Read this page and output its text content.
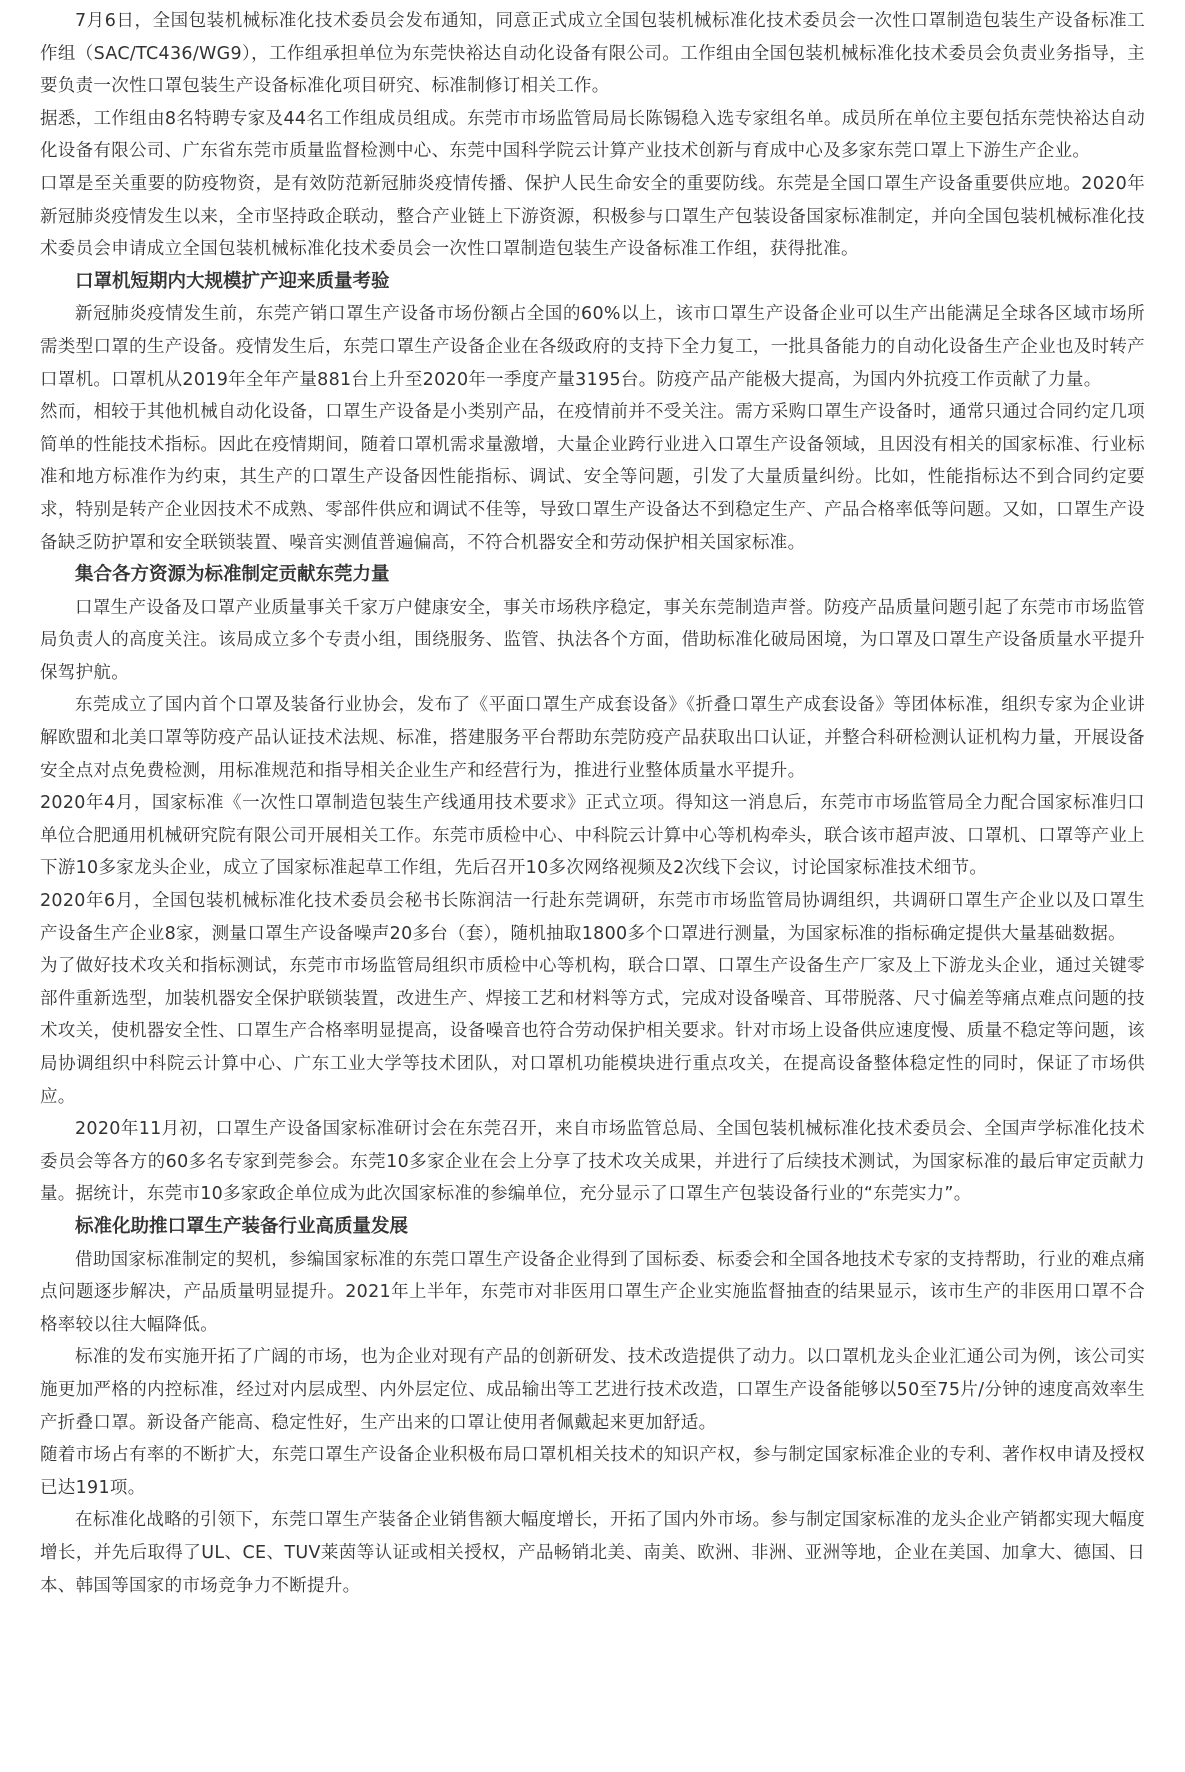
7月6日，全国包装机械标准化技术委员会发布通知，同意正式成立全国包装机械标准化技术委员会一次性口罩制造包装生产设备标准工作组（SAC/TC436/WG9），工作组承担单位为东莞快裕达自动化设备有限公司。工作组由全国包装机械标准化技术委员会负责业务指导，主要负责一次性口罩包装生产设备标准化项目研究、标准制修订相关工作。

据悉，工作组由8名特聘专家及44名工作组成员组成。东莞市市场监管局局长陈锡稳入选专家组名单。成员所在单位主要包括东莞快裕达自动化设备有限公司、广东省东莞市质量监督检测中心、东莞中国科学院云计算产业技术创新与育成中心及多家东莞口罩上下游生产企业。

口罩是至关重要的防疫物资，是有效防范新冠肺炎疫情传播、保护人民生命安全的重要防线。东莞是全国口罩生产设备重要供应地。2020年新冠肺炎疫情发生以来，全市坚持政企联动，整合产业链上下游资源，积极参与口罩生产包装设备国家标准制定，并向全国包装机械标准化技术委员会申请成立全国包装机械标准化技术委员会一次性口罩制造包装生产设备标准工作组，获得批准。

口罩机短期内大规模扩产迎来质量考验

新冠肺炎疫情发生前，东莞产销口罩生产设备市场份额占全国的60%以上，该市口罩生产设备企业可以生产出能满足全球各区域市场所需类型口罩的生产设备。疫情发生后，东莞口罩生产设备企业在各级政府的支持下全力复工，一批具备能力的自动化设备生产企业也及时转产口罩机。口罩机从2019年全年产量881台上升至2020年一季度产量3195台。防疫产品产能极大提高，为国内外抗疫工作贡献了力量。

然而，相较于其他机械自动化设备，口罩生产设备是小类别产品，在疫情前并不受关注。需方采购口罩生产设备时，通常只通过合同约定几项简单的性能技术指标。因此在疫情期间，随着口罩机需求量激增，大量企业跨行业进入口罩生产设备领域，且因没有相关的国家标准、行业标准和地方标准作为约束，其生产的口罩生产设备因性能指标、调试、安全等问题，引发了大量质量纠纷。比如，性能指标达不到合同约定要求，特别是转产企业因技术不成熟、零部件供应和调试不佳等，导致口罩生产设备达不到稳定生产、产品合格率低等问题。又如，口罩生产设备缺乏防护罩和安全联锁装置、噪音实测值普遍偏高，不符合机器安全和劳动保护相关国家标准。

集合各方资源为标准制定贡献东莞力量

口罩生产设备及口罩产业质量事关千家万户健康安全，事关市场秩序稳定，事关东莞制造声誉。防疫产品质量问题引起了东莞市市场监管局负责人的高度关注。该局成立多个专责小组，围绕服务、监管、执法各个方面，借助标准化破局困境，为口罩及口罩生产设备质量水平提升保驾护航。

东莞成立了国内首个口罩及装备行业协会，发布了《平面口罩生产成套设备》《折叠口罩生产成套设备》等团体标准，组织专家为企业讲解欧盟和北美口罩等防疫产品认证技术法规、标准，搭建服务平台帮助东莞防疫产品获取出口认证，并整合科研检测认证机构力量，开展设备安全点对点免费检测，用标准规范和指导相关企业生产和经营行为，推进行业整体质量水平提升。

2020年4月，国家标准《一次性口罩制造包装生产线通用技术要求》正式立项。得知这一消息后，东莞市市场监管局全力配合国家标准归口单位合肥通用机械研究院有限公司开展相关工作。东莞市质检中心、中科院云计算中心等机构牵头，联合该市超声波、口罩机、口罩等产业上下游10多家龙头企业，成立了国家标准起草工作组，先后召开10多次网络视频及2次线下会议，讨论国家标准技术细节。

2020年6月，全国包装机械标准化技术委员会秘书长陈润洁一行赴东莞调研，东莞市市场监管局协调组织，共调研口罩生产企业以及口罩生产设备生产企业8家，测量口罩生产设备噪声20多台（套），随机抽取1800多个口罩进行测量，为国家标准的指标确定提供大量基础数据。

为了做好技术攻关和指标测试，东莞市市场监管局组织市质检中心等机构，联合口罩、口罩生产设备生产厂家及上下游龙头企业，通过关键零部件重新选型，加装机器安全保护联锁装置，改进生产、焊接工艺和材料等方式，完成对设备噪音、耳带脱落、尺寸偏差等痛点难点问题的技术攻关，使机器安全性、口罩生产合格率明显提高，设备噪音也符合劳动保护相关要求。针对市场上设备供应速度慢、质量不稳定等问题，该局协调组织中科院云计算中心、广东工业大学等技术团队，对口罩机功能模块进行重点攻关，在提高设备整体稳定性的同时，保证了市场供应。

2020年11月初，口罩生产设备国家标准研讨会在东莞召开，来自市场监管总局、全国包装机械标准化技术委员会、全国声学标准化技术委员会等各方的60多名专家到莞参会。东莞10多家企业在会上分享了技术攻关成果，并进行了后续技术测试，为国家标准的最后审定贡献力量。据统计，东莞市10多家政企单位成为此次国家标准的参编单位，充分显示了口罩生产包装设备行业的“东莞实力”。

标准化助推口罩生产装备行业高质量发展

借助国家标准制定的契机，参编国家标准的东莞口罩生产设备企业得到了国标委、标委会和全国各地技术专家的支持帮助，行业的难点痛点问题逐步解决，产品质量明显提升。2021年上半年，东莞市对非医用口罩生产企业实施监督抽查的结果显示，该市生产的非医用口罩不合格率较以往大幅降低。

标准的发布实施开拓了广阔的市场，也为企业对现有产品的创新研发、技术改造提供了动力。以口罩机龙头企业汇通公司为例，该公司实施更加严格的内控标准，经过对内层成型、内外层定位、成品输出等工艺进行技术改造，口罩生产设备能够以50至75片/分钟的速度高效率生产折叠口罩。新设备产能高、稳定性好，生产出来的口罩让使用者佩戴起来更加舒适。

随着市场占有率的不断扩大，东莞口罩生产设备企业积极布局口罩机相关技术的知识产权，参与制定国家标准企业的专利、著作权申请及授权已达191项。

在标准化战略的引领下，东莞口罩生产装备企业销售额大幅度增长，开拓了国内外市场。参与制定国家标准的龙头企业产销都实现大幅度增长，并先后取得了UL、CE、TUV莱茵等认证或相关授权，产品畅销北美、南美、欧洲、非洲、亚洲等地，企业在美国、加拿大、德国、日本、韩国等国家的市场竞争力不断提升。
